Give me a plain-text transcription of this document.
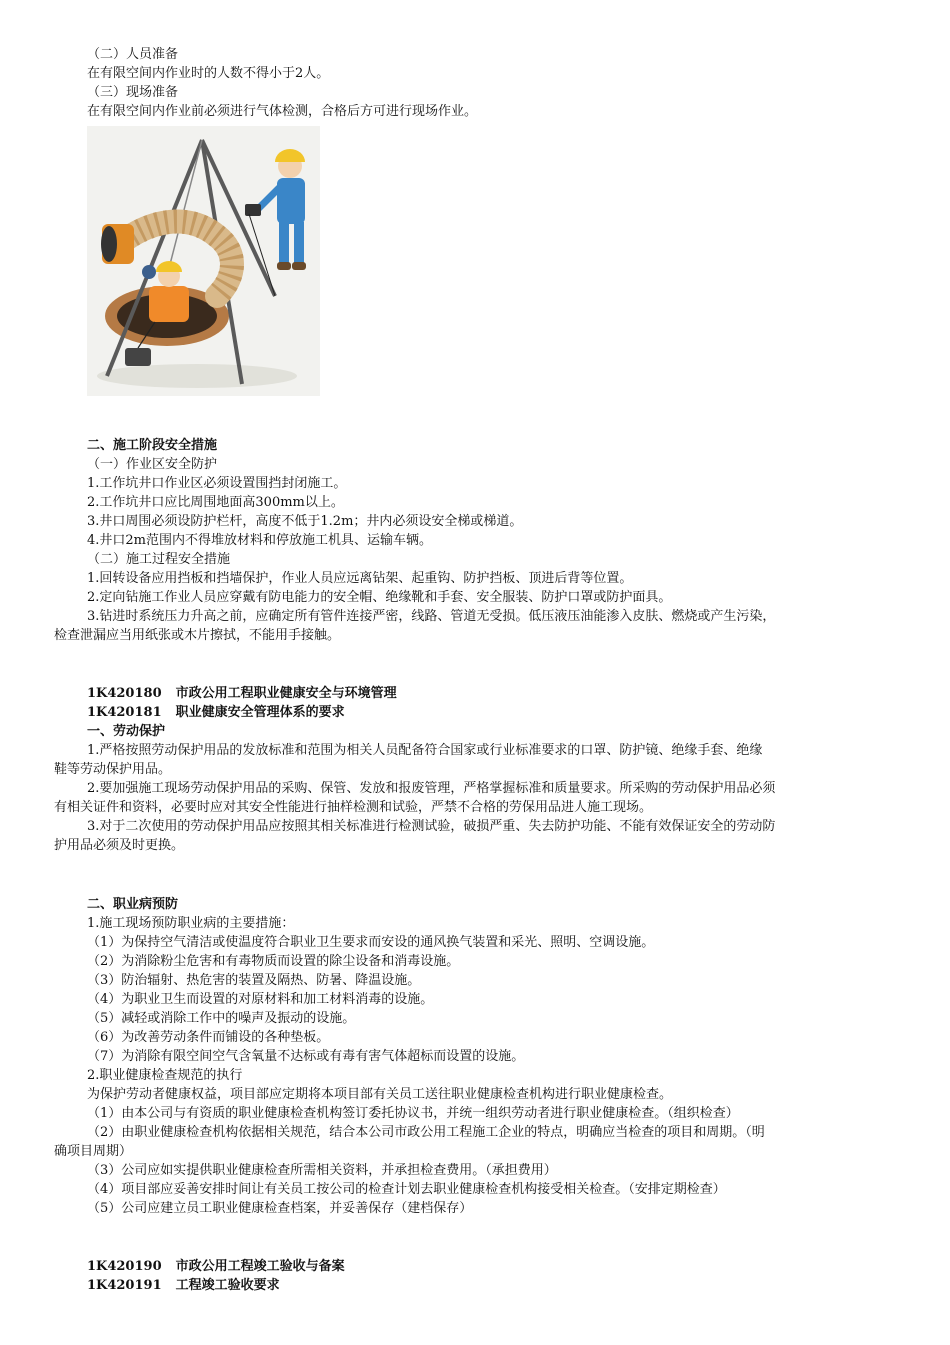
（二）人员准备
在有限空间内作业时的人数不得小于2人。
（三）现场准备
在有限空间内作业前必须进行气体检测，合格后方可进行现场作业。
二、施工阶段安全措施
（一）作业区安全防护
1.工作坑井口作业区必须设置围挡封闭施工。
2.工作坑井口应比周围地面高300mm以上。
3.井口周围必须设防护栏杆，高度不低于1.2m；井内必须设安全梯或梯道。
4.井口2m范围内不得堆放材料和停放施工机具、运输车辆。
（二）施工过程安全措施
1.回转设备应用挡板和挡墙保护，作业人员应远离钻架、起重钩、防护挡板、顶进后背等位置。
2.定向钻施工作业人员应穿戴有防电能力的安全帽、绝缘靴和手套、安全服装、防护口罩或防护面具。
3.钻进时系统压力升高之前，应确定所有管件连接严密，线路、管道无受损。低压液压油能渗入皮肤、燃烧或产生污染，
检查泄漏应当用纸张或木片擦拭，不能用手接触。
1K420180 市政公用工程职业健康安全与环境管理
1K420181 职业健康安全管理体系的要求
一、劳动保护
1.严格按照劳动保护用品的发放标准和范围为相关人员配备符合国家或行业标准要求的口罩、防护镜、绝缘手套、绝缘
鞋等劳动保护用品。
2.要加强施工现场劳动保护用品的采购、保管、发放和报废管理，严格掌握标准和质量要求。所采购的劳动保护用品必须
有相关证件和资料，必要时应对其安全性能进行抽样检测和试验，严禁不合格的劳保用品进人施工现场。
3.对于二次使用的劳动保护用品应按照其相关标准进行检测试验，破损严重、失去防护功能、不能有效保证安全的劳动防
护用品必须及时更换。
二、职业病预防
1.施工现场预防职业病的主要措施：
（1）为保持空气清洁或使温度符合职业卫生要求而安设的通风换气装置和采光、照明、空调设施。
（2）为消除粉尘危害和有毒物质而设置的除尘设备和消毒设施。
（3）防治辐射、热危害的装置及隔热、防暑、降温设施。
（4）为职业卫生而设置的对原材料和加工材料消毒的设施。
（5）减轻或消除工作中的噪声及振动的设施。
（6）为改善劳动条件而铺设的各种垫板。
（7）为消除有限空间空气含氧量不达标或有毒有害气体超标而设置的设施。
2.职业健康检查规范的执行
为保护劳动者健康权益，项目部应定期将本项目部有关员工送往职业健康检查机构进行职业健康检查。
（1）由本公司与有资质的职业健康检查机构签订委托协议书，并统一组织劳动者进行职业健康检查。（组织检查）
（2）由职业健康检查机构依据相关规范，结合本公司市政公用工程施工企业的特点，明确应当检查的项目和周期。（明
确项目周期）
（3）公司应如实提供职业健康检查所需相关资料，并承担检查费用。（承担费用）
（4）项目部应妥善安排时间让有关员工按公司的检查计划去职业健康检查机构接受相关检查。（安排定期检查）
（5）公司应建立员工职业健康检查档案，并妥善保存（建档保存）
1K420190 市政公用工程竣工验收与备案
1K420191 工程竣工验收要求
